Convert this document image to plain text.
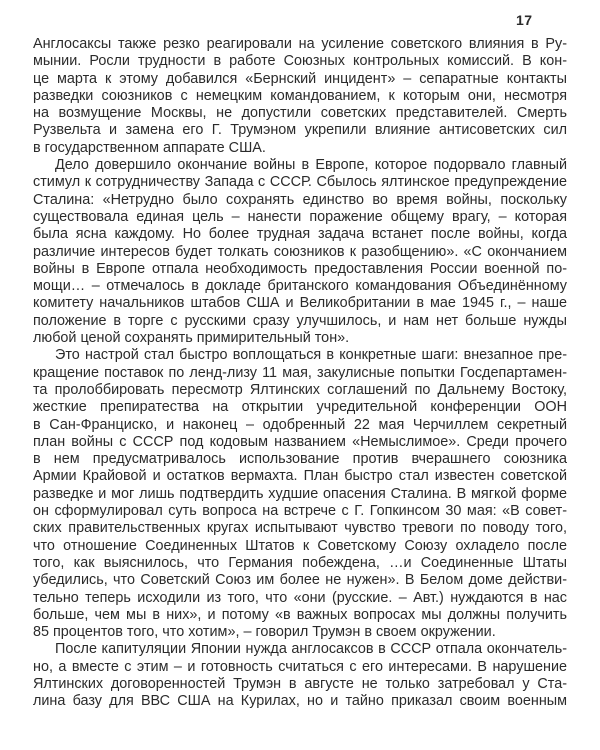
17
Англосаксы также резко реагировали на усиление советского влияния в Ру-
мынии. Росли трудности в работе Союзных контрольных комиссий. В кон-
це марта к этому добавился «Бернский инцидент» – сепаратные контакты
разведки союзников с немецким командованием, к которым они, несмотря
на возмущение Москвы, не допустили советских представителей. Смерть
Рузвельта и замена его Г. Трумэном укрепили влияние антисоветских сил
в государственном аппарате США.
Дело довершило окончание войны в Европе, которое подорвало главный
стимул к сотрудничеству Запада с СССР. Сбылось ялтинское предупреждение
Сталина: «Нетрудно было сохранять единство во время войны, поскольку
существовала единая цель – нанести поражение общему врагу, – которая
была ясна каждому. Но более трудная задача встанет после войны, когда
различие интересов будет толкать союзников к разобщению». «С окончанием
войны в Европе отпала необходимость предоставления России военной по-
мощи… – отмечалось в докладе британского командования Объединённому
комитету начальников штабов США и Великобритании в мае 1945 г., – наше
положение в торге с русскими сразу улучшилось, и нам нет больше нужды
любой ценой сохранять примирительный тон».
Это настрой стал быстро воплощаться в конкретные шаги: внезапное пре-
кращение поставок по ленд-лизу 11 мая, закулисные попытки Госдепартамен-
та пролоббировать пересмотр Ялтинских соглашений по Дальнему Востоку,
жесткие препиратества на открытии учредительной конференции ООН
в Сан-Франциско, и наконец – одобренный 22 мая Черчиллем секретный
план войны с СССР под кодовым названием «Немыслимое». Среди прочего
в нем предусматривалось использование против вчерашнего союзника
Армии Крайовой и остатков вермахта. План быстро стал известен советской
разведке и мог лишь подтвердить худшие опасения Сталина. В мягкой форме
он сформулировал суть вопроса на встрече с Г. Гопкинсом 30 мая: «В совет-
ских правительственных кругах испытывают чувство тревоги по поводу того,
что отношение Соединенных Штатов к Советскому Союзу охладело после
того, как выяснилось, что Германия побеждена, …и Соединенные Штаты
убедились, что Советский Союз им более не нужен». В Белом доме действи-
тельно теперь исходили из того, что «они (русские. – Авт.) нуждаются в нас
больше, чем мы в них», и потому «в важных вопросах мы должны получить
85 процентов того, что хотим», – говорил Трумэн в своем окружении.
После капитуляции Японии нужда англосаксов в СССР отпала окончатель-
но, а вместе с этим – и готовность считаться с его интересами. В нарушение
Ялтинских договоренностей Трумэн в августе не только затребовал у Ста-
лина базу для ВВС США на Курилах, но и тайно приказал своим военным
